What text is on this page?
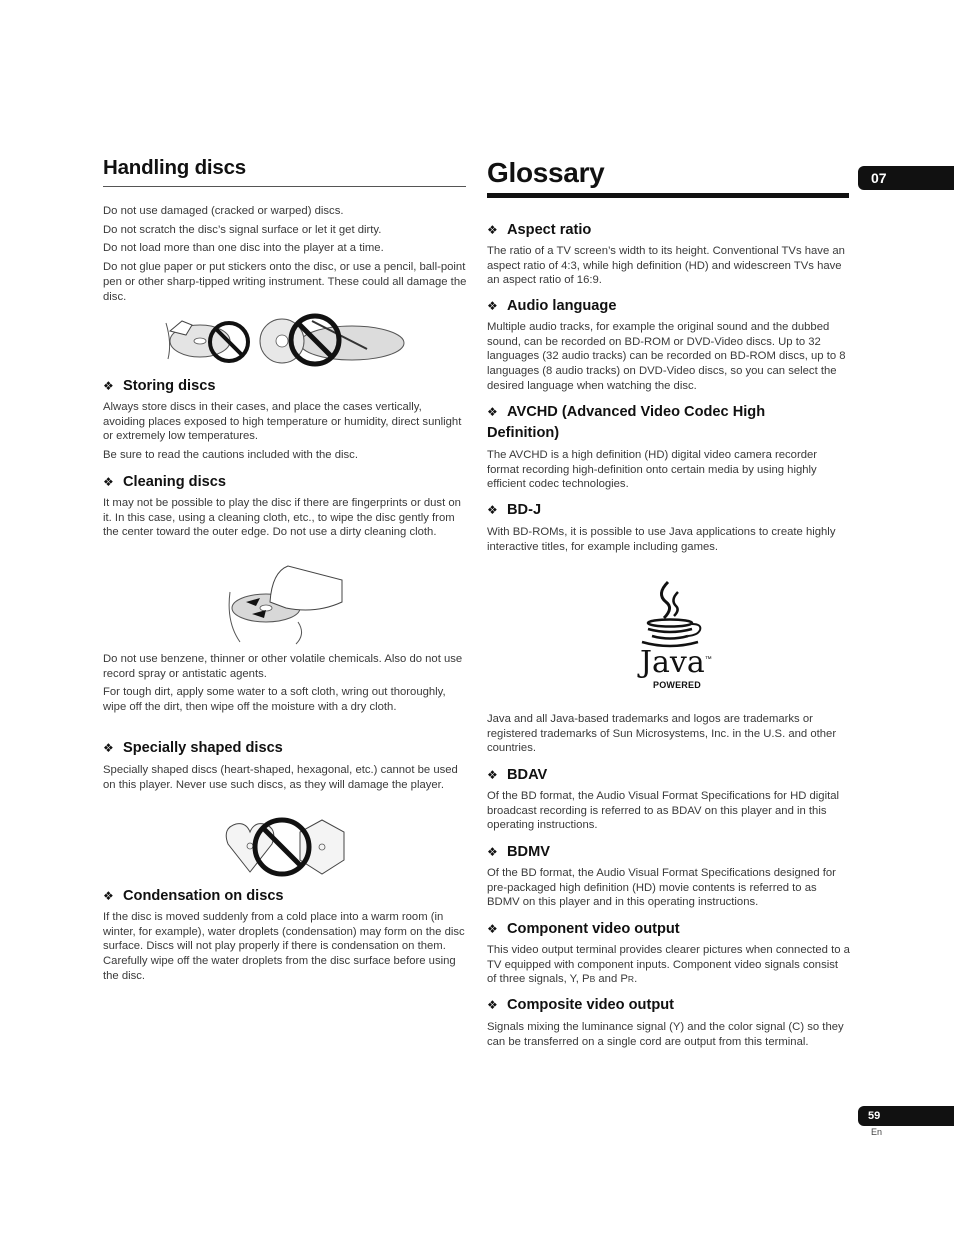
07
Handling discs

Do not use damaged (cracked or warped) discs.

Do not scratch the disc’s signal surface or let it get dirty.

Do not load more than one disc into the player at a time.

Do not glue paper or put stickers onto the disc, or use a pencil, ball-point pen or other sharp-tipped writing instrument. These could all damage the disc.

❖ Storing discs

Always store discs in their cases, and place the cases vertically, avoiding places exposed to high temperature or humidity, direct sunlight or extremely low temperatures.

Be sure to read the cautions included with the disc.

❖ Cleaning discs

It may not be possible to play the disc if there are fingerprints or dust on it. In this case, using a cleaning cloth, etc., to wipe the disc gently from the center toward the outer edge. Do not use a dirty cleaning cloth.

Do not use benzene, thinner or other volatile chemicals. Also do not use record spray or antistatic agents.

For tough dirt, apply some water to a soft cloth, wring out thoroughly, wipe off the dirt, then wipe off the moisture with a dry cloth.

❖ Specially shaped discs

Specially shaped discs (heart-shaped, hexagonal, etc.) cannot be used on this player. Never use such discs, as they will damage the player.

❖ Condensation on discs

If the disc is moved suddenly from a cold place into a warm room (in winter, for example), water droplets (condensation) may form on the disc surface. Discs will not play properly if there is condensation on them. Carefully wipe off the water droplets from the disc surface before using the disc.

Glossary
❖ Aspect ratio

The ratio of a TV screen’s width to its height. Conventional TVs have an aspect ratio of 4:3, while high definition (HD) and widescreen TVs have an aspect ratio of 16:9.

❖ Audio language

Multiple audio tracks, for example the original sound and the dubbed sound, can be recorded on BD-ROM or DVD-Video discs. Up to 32 languages (32 audio tracks) can be recorded on BD-ROM discs, up to 8 languages (8 audio tracks) on DVD-Video discs, so you can select the desired language when watching the disc.

❖ AVCHD (Advanced Video Codec High
Definition)

The AVCHD is a high definition (HD) digital video camera recorder format recording high-definition onto certain media by using highly efficient codec technologies.

❖ BD-J

With BD-ROMs, it is possible to use Java applications to create highly interactive titles, for example including games.

Java™
POWERED

Java and all Java-based trademarks and logos are trademarks or registered trademarks of Sun Microsystems, Inc. in the U.S. and other countries.

❖ BDAV

Of the BD format, the Audio Visual Format Specifications for HD digital broadcast recording is referred to as BDAV on this player and in this operating instructions.

❖ BDMV

Of the BD format, the Audio Visual Format Specifications designed for pre-packaged high definition (HD) movie contents is referred to as BDMV on this player and in this operating instructions.

❖ Component video output

This video output terminal provides clearer pictures when connected to a TV equipped with component inputs. Component video signals consist of three signals, Y, PB and PR.

❖ Composite video output

Signals mixing the luminance signal (Y) and the color signal (C) so they can be transferred on a single cord are output from this terminal.

59
En
